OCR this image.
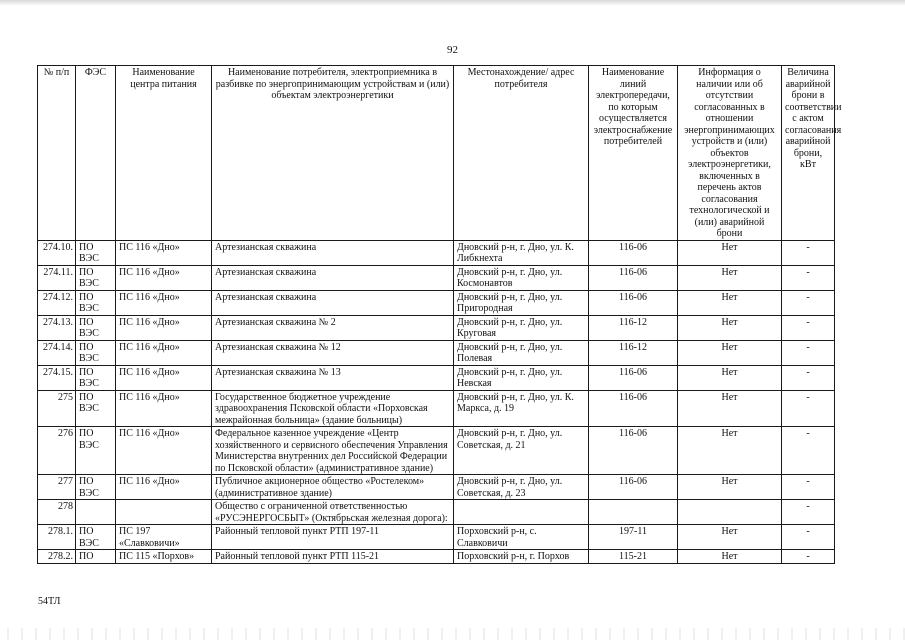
92
№ п/п	ФЭС	Наименование центра питания	Наименование потребителя, электроприемника в разбивке по энергопринимающим устройствам и (или) объектам электроэнергетики	Местонахождение/ адрес потребителя	Наименование линий электропередачи, по которым осуществляется электроснабжение потребителей	Информация о наличии или об отсутствии согласованных в отношении энергопринимающих устройств и (или) объектов электроэнергетики, включенных в перечень актов согласования технологической и (или) аварийной брони	Величина аварийной брони в соответствии с актом согласования аварийной брони, кВт
274.10.	ПО ВЭС	ПС 116 «Дно»	Артезианская скважина	Дновский р-н, г. Дно, ул. К. Либкнехта	116-06	Нет	-
274.11.	ПО ВЭС	ПС 116 «Дно»	Артезианская скважина	Дновский р-н, г. Дно, ул. Космонавтов	116-06	Нет	-
274.12.	ПО ВЭС	ПС 116 «Дно»	Артезианская скважина	Дновский р-н, г. Дно, ул. Пригородная	116-06	Нет	-
274.13.	ПО ВЭС	ПС 116 «Дно»	Артезианская скважина № 2	Дновский р-н, г. Дно, ул. Круговая	116-12	Нет	-
274.14.	ПО ВЭС	ПС 116 «Дно»	Артезианская скважина № 12	Дновский р-н, г. Дно, ул. Полевая	116-12	Нет	-
274.15.	ПО ВЭС	ПС 116 «Дно»	Артезианская скважина № 13	Дновский р-н, г. Дно, ул. Невская	116-06	Нет	-
275	ПО ВЭС	ПС 116 «Дно»	Государственное бюджетное учреждение здравоохранения Псковской области «Порховская межрайонная больница» (здание больницы)	Дновский р-н, г. Дно, ул. К. Маркса, д. 19	116-06	Нет	-
276	ПО ВЭС	ПС 116 «Дно»	Федеральное казенное учреждение «Центр хозяйственного и сервисного обеспечения Управления Министерства внутренних дел Российской Федерации по Псковской области» (административное здание)	Дновский р-н, г. Дно, ул. Советская, д. 21	116-06	Нет	-
277	ПО ВЭС	ПС 116 «Дно»	Публичное акционерное общество «Ростелеком» (административное здание)	Дновский р-н, г. Дно, ул. Советская, д. 23	116-06	Нет	-
278			Общество с ограниченной ответственностью «РУСЭНЕРГОСБЫТ» (Октябрьская железная дорога):				-
278.1.	ПО ВЭС	ПС 197 «Славковичи»	Районный тепловой пункт РТП 197-11	Порховский р-н, с. Славковичи	197-11	Нет	-
278.2.	ПО	ПС 115 «Порхов»	Районный тепловой пункт РТП 115-21	Порховский р-н, г. Порхов	115-21	Нет	-
54ТЛ
